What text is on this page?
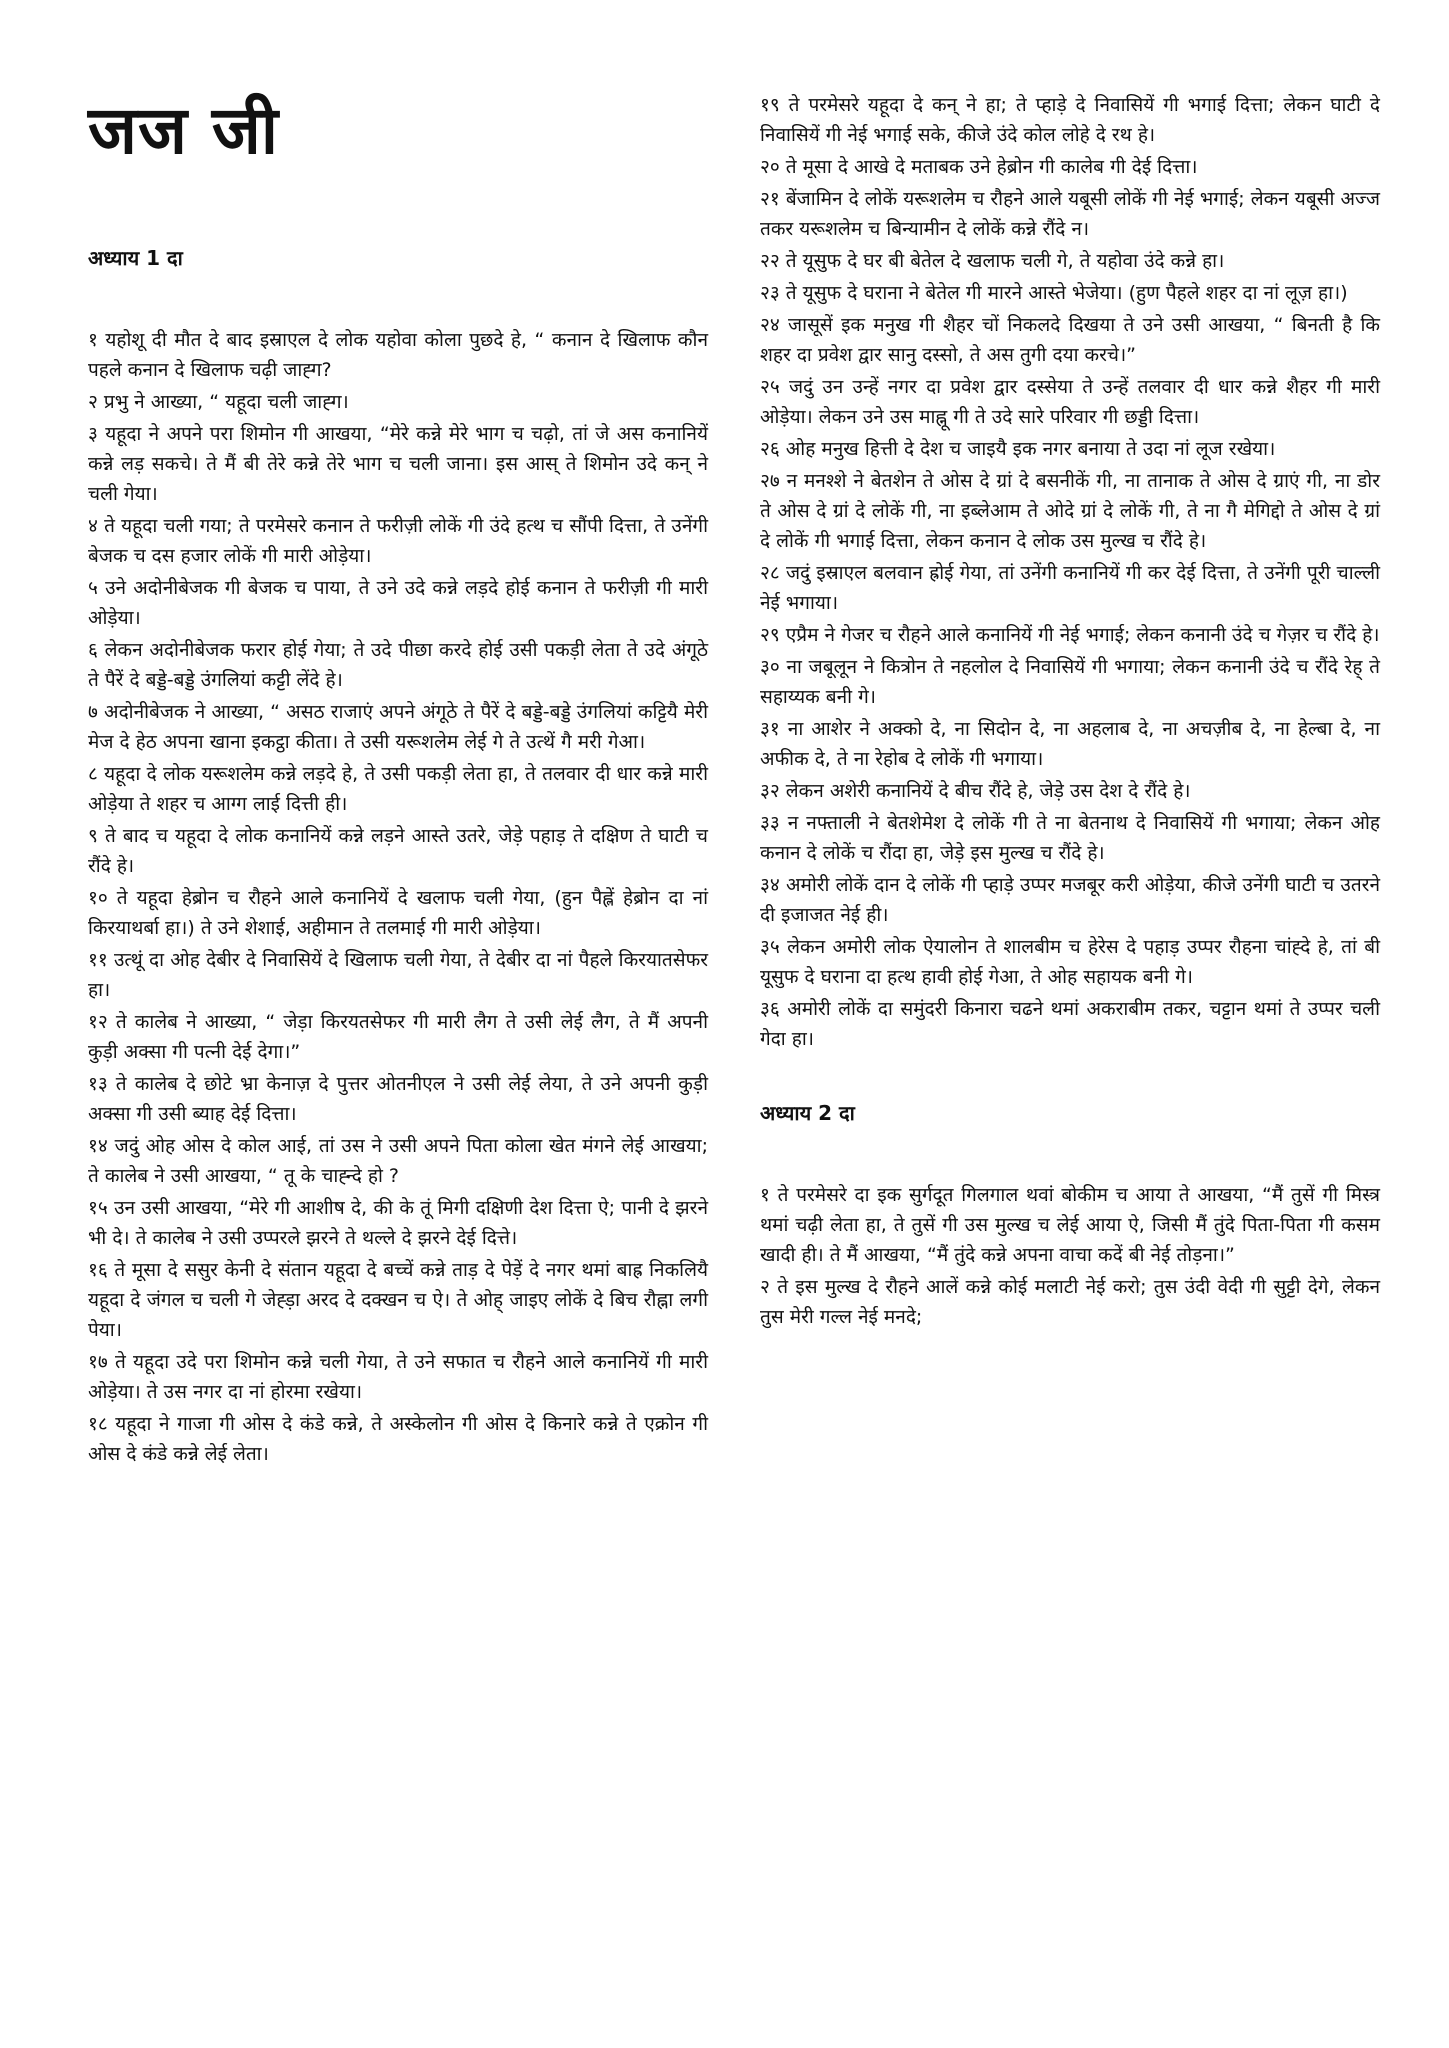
जज जी
अध्याय 1 दा

१ यहोशू दी मौत दे बाद इस्राएल दे लोक यहोवा कोला पुछदे हे, “ कनान दे खिलाफ कौन पहले कनान दे खिलाफ चढ़ी जाह्ग?

२ प्रभु ने आख्या, “ यहूदा चली जाह्ग।

३ यहूदा ने अपने परा शिमोन गी आखया, “मेरे कन्ने मेरे भाग च चढ़ो, तां जे अस कनानियें कन्ने लड़ सकचे। ते मैं बी तेरे कन्ने तेरे भाग च चली जाना। इस आस् ते शिमोन उदे कन् ने चली गेया।

४ ते यहूदा चली गया; ते परमेसरे कनान ते फरीज़ी लोकें गी उंदे हत्थ च सौंपी दित्ता, ते उनेंगी बेजक च दस हजार लोकें गी मारी ओड़ेया।

५ उने अदोनीबेजक गी बेजक च पाया, ते उने उदे कन्ने लड़दे होई कनान ते फरीज़ी गी मारी ओड़ेया।

६ लेकन अदोनीबेजक फरार होई गेया; ते उदे पीछा करदे होई उसी पकड़ी लेता ते उदे अंगूठे ते पैरें दे बड्डे-बड्डे उंगलियां कट्टी लेंदे हे।

७ अदोनीबेजक ने आख्या, “ असठ राजाएं अपने अंगूठे ते पैरें दे बड्डे-बड्डे उंगलियां कट्टियै मेरी मेज दे हेठ अपना खाना इकट्ठा कीता। ते उसी यरूशलेम लेई गे ते उत्थें गै मरी गेआ।

८ यहूदा दे लोक यरूशलेम कन्ने लड़दे हे, ते उसी पकड़ी लेता हा, ते तलवार दी धार कन्ने मारी ओड़ेया ते शहर च आग्ग लाई दित्ती ही।

९ ते बाद च यहूदा दे लोक कनानियें कन्ने लड़ने आस्ते उतरे, जेड़े पहाड़ ते दक्षिण ते घाटी च रौंदे हे।

१० ते यहूदा हेब्रोन च रौहने आले कनानियें दे खलाफ चली गेया, (हुन पैह्लें हेब्रोन दा नां किरयाथर्बा हा।) ते उने शेशाई, अहीमान ते तलमाई गी मारी ओड़ेया।

११ उत्थूं दा ओह देबीर दे निवासियें दे खिलाफ चली गेया, ते देबीर दा नां पैहले किरयातसेफर हा।

१२ ते कालेब ने आख्या, “ जेड़ा किरयतसेफर गी मारी लैग ते उसी लेई लैग, ते मैं अपनी कुड़ी अक्सा गी पत्नी देई देगा।”

१३ ते कालेब दे छोटे भ्रा केनाज़ दे पुत्तर ओतनीएल ने उसी लेई लेया, ते उने अपनी कुड़ी अक्सा गी उसी ब्याह देई दित्ता।

१४ जदुं ओह ओस दे कोल आई, तां उस ने उसी अपने पिता कोला खेत मंगने लेई आखया; ते कालेब ने उसी आखया, “ तू के चाह्न्दे हो ?

१५ उन उसी आखया, “मेरे गी आशीष दे, की के तूं मिगी दक्षिणी देश दित्ता ऐ; पानी दे झरने भी दे। ते कालेब ने उसी उप्परले झरने ते थल्ले दे झरने देई दित्ते।

१६ ते मूसा दे ससुर केनी दे संतान यहूदा दे बच्चें कन्ने ताड़ दे पेड़ें दे नगर थमां बाह्र निकलियै यहूदा दे जंगल च चली गे जेह्ड़ा अरद दे दक्खन च ऐ। ते ओह् जाइए लोकें दे बिच रौह्ना लगी पेया।

१७ ते यहूदा उदे परा शिमोन कन्ने चली गेया, ते उने सफात च रौहने आले कनानियें गी मारी ओड़ेया। ते उस नगर दा नां होरमा रखेया।

१८ यहूदा ने गाजा गी ओस दे कंडे कन्ने, ते अस्केलोन गी ओस दे किनारे कन्ने ते एक्रोन गी ओस दे कंडे कन्ने लेई लेता।

१९ ते परमेसरे यहूदा दे कन् ने हा; ते प्हाड़े दे निवासियें गी भगाई दित्ता; लेकन घाटी दे निवासियें गी नेई भगाई सके, कीजे उंदे कोल लोहे दे रथ हे।

२० ते मूसा दे आखे दे मताबक उने हेब्रोन गी कालेब गी देई दित्ता।

२१ बेंजामिन दे लोकें यरूशलेम च रौहने आले यबूसी लोकें गी नेई भगाई; लेकन यबूसी अज्ज तकर यरूशलेम च बिन्यामीन दे लोकें कन्ने रौंदे न।

२२ ते यूसुफ दे घर बी बेतेल दे खलाफ चली गे, ते यहोवा उंदे कन्ने हा।

२३ ते यूसुफ दे घराना ने बेतेल गी मारने आस्ते भेजेया। (हुण पैहले शहर दा नां लूज़ हा।)

२४ जासूसें इक मनुख गी शैहर चों निकलदे दिखया ते उने उसी आखया, “ बिनती है कि शहर दा प्रवेश द्वार सानु दस्सो, ते अस तुगी दया करचे।”

२५ जदुं उन उन्हें नगर दा प्रवेश द्वार दस्सेया ते उन्हें तलवार दी धार कन्ने शैहर गी मारी ओड़ेया। लेकन उने उस माह्नू गी ते उदे सारे परिवार गी छड्डी दित्ता।

२६ ओह मनुख हित्ती दे देश च जाइयै इक नगर बनाया ते उदा नां लूज रखेया।

२७ न मनश्शे ने बेतशेन ते ओस दे ग्रां दे बसनीकें गी, ना तानाक ते ओस दे ग्राएं गी, ना डोर ते ओस दे ग्रां दे लोकें गी, ना इब्लेआम ते ओदे ग्रां दे लोकें गी, ते ना गै मेगिद्दो ते ओस दे ग्रां दे लोकें गी भगाई दित्ता, लेकन कनान दे लोक उस मुल्ख च रौंदे हे।

२८ जदुं इस्राएल बलवान ह्रोई गेया, तां उनेंगी कनानियें गी कर देई दित्ता, ते उनेंगी पूरी चाल्ली नेई भगाया।

२९ एप्रैम ने गेजर च रौहने आले कनानियें गी नेई भगाई; लेकन कनानी उंदे च गेज़र च रौंदे हे।

३० ना जबूलून ने कित्रोन ते नहलोल दे निवासियें गी भगाया; लेकन कनानी उंदे च रौंदे रेह् ते सहाय्यक बनी गे।

३१ ना आशेर ने अक्को दे, ना सिदोन दे, ना अहलाब दे, ना अचज़ीब दे, ना हेल्बा दे, ना अफीक दे, ते ना रेहोब दे लोकें गी भगाया।

३२ लेकन अशेरी कनानियें दे बीच रौंदे हे, जेड़े उस देश दे रौंदे हे।

३३ न नफ्ताली ने बेतशेमेश दे लोकें गी ते ना बेतनाथ दे निवासियें गी भगाया; लेकन ओह कनान दे लोकें च रौंदा हा, जेड़े इस मुल्ख च रौंदे हे।

३४ अमोरी लोकें दान दे लोकें गी प्हाड़े उप्पर मजबूर करी ओड़ेया, कीजे उनेंगी घाटी च उतरने दी इजाजत नेई ही।

३५ लेकन अमोरी लोक ऐयालोन ते शालबीम च हेरेस दे पहाड़ उप्पर रौहना चांह्दे हे, तां बी यूसुफ दे घराना दा हत्थ हावी होई गेआ, ते ओह सहायक बनी गे।

३६ अमोरी लोकें दा समुंदरी किनारा चढने थमां अकराबीम तकर, चट्टान थमां ते उप्पर चली गेदा हा।

अध्याय 2 दा

१ ते परमेसरे दा इक सुर्गदूत गिलगाल थवां बोकीम च आया ते आखया, “मैं तुसें गी मिस्त्र थमां चढ़ी लेता हा, ते तुसें गी उस मुल्ख च लेई आया ऐ, जिसी मैं तुंदे पिता-पिता गी कसम खादी ही। ते मैं आखया, “मैं तुंदे कन्ने अपना वाचा कदें बी नेई तोड़ना।”

२ ते इस मुल्ख दे रौहने आलें कन्ने कोई मलाटी नेई करो; तुस उंदी वेदी गी सुट्टी देगे, लेकन तुस मेरी गल्ल नेई मनदे;
